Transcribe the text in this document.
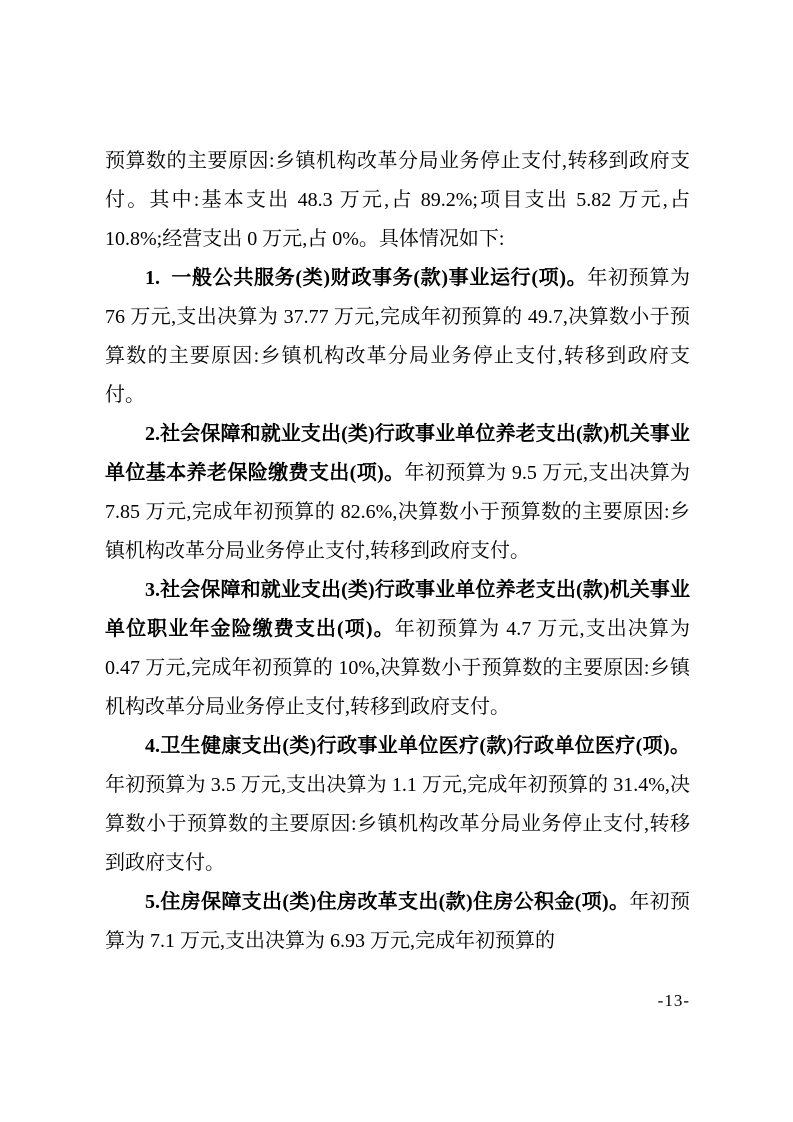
预算数的主要原因:乡镇机构改革分局业务停止支付,转移到政府支付。其中:基本支出 48.3 万元,占 89.2%;项目支出 5.82 万元,占 10.8%;经营支出 0 万元,占 0%。具体情况如下:

1.  一般公共服务(类)财政事务(款)事业运行(项)。年初预算为 76 万元,支出决算为 37.77 万元,完成年初预算的 49.7,决算数小于预算数的主要原因:乡镇机构改革分局业务停止支付,转移到政府支付。

2.社会保障和就业支出(类)行政事业单位养老支出(款)机关事业单位基本养老保险缴费支出(项)。年初预算为 9.5 万元,支出决算为 7.85 万元,完成年初预算的 82.6%,决算数小于预算数的主要原因:乡镇机构改革分局业务停止支付,转移到政府支付。

3.社会保障和就业支出(类)行政事业单位养老支出(款)机关事业单位职业年金险缴费支出(项)。年初预算为 4.7 万元,支出决算为 0.47 万元,完成年初预算的 10%,决算数小于预算数的主要原因:乡镇机构改革分局业务停止支付,转移到政府支付。

4.卫生健康支出(类)行政事业单位医疗(款)行政单位医疗(项)。年初预算为 3.5 万元,支出决算为 1.1 万元,完成年初预算的 31.4%,决算数小于预算数的主要原因:乡镇机构改革分局业务停止支付,转移到政府支付。

5.住房保障支出(类)住房改革支出(款)住房公积金(项)。年初预算为 7.1 万元,支出决算为 6.93 万元,完成年初预算的

-13-
